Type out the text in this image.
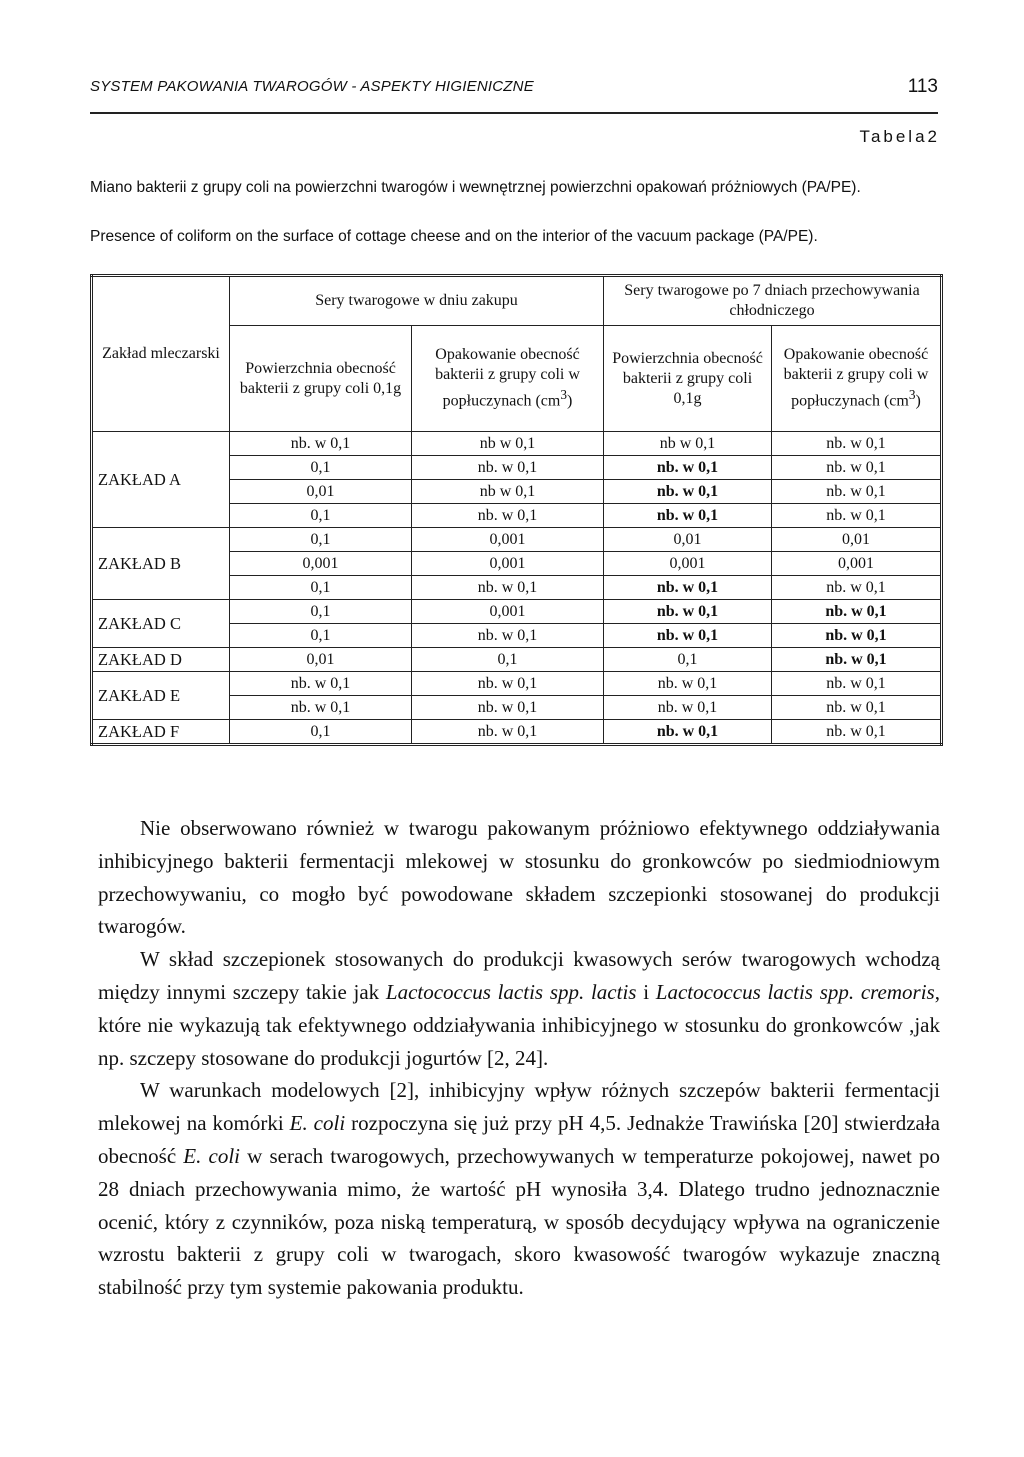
SYSTEM PAKOWANIA TWAROGÓW - ASPEKTY HIGIENICZNE	113
Tabela2
Miano bakterii z grupy coli na powierzchni twarogów i wewnętrznej powierzchni opakowań próżniowych (PA/PE).
Presence of coliform on the surface of cottage cheese and on the interior of the vacuum package (PA/PE).
Zakład mleczarski	Sery twarogowe w dniu zakupu		Sery twarogowe po 7 dniach przechowywania chłodniczego	
	Powierzchnia obecność bakterii z grupy coli 0,1g	Opakowanie obecność bakterii z grupy coli w popłuczynach $(cm^3)$	Powierzchnia obecność bakterii z grupy coli 0,1g	Opakowanie obecność bakterii z grupy coli w popłuczynach $(cm^3)$
ZAKŁAD A	nb. w 0,1	nb w 0,1	nb w 0,1	nb. w 0,1
	0,1	nb. w 0,1	nb. w 0,1	nb. w 0,1
	0,01	nb w 0,1	nb. w 0,1	nb. w 0,1
	0,1	nb. w 0,1	nb. w 0,1	nb. w 0,1
ZAKŁAD B	0,1	0,001	0,01	0,01
	0,001	0,001	0,001	0,001
	0,1	nb. w 0,1	nb. w 0,1	nb. w 0,1
ZAKŁAD C	0,1	0,001	nb. w 0,1	nb. w 0,1
	0,1	nb. w 0,1	nb. w 0,1	nb. w 0,1
ZAKŁAD D	0,01	0,1	0,1	nb. w 0,1
ZAKŁAD E	nb. w 0,1	nb. w 0,1	nb. w 0,1	nb. w 0,1
	nb. w 0,1	nb. w 0,1	nb. w 0,1	nb. w 0,1
ZAKŁAD F	0,1	nb. w 0,1	nb. w 0,1	nb. w 0,1

Nie obserwowano również w twarogu pakowanym próżniowo efektywnego oddziaływania inhibicyjnego bakterii fermentacji mlekowej w stosunku do gronkowców po siedmiodniowym przechowywaniu, co mogło być powodowane składem szczepionki stosowanej do produkcji twarogów.

W skład szczepionek stosowanych do produkcji kwasowych serów twarogowych wchodzą między innymi szczepy takie jak Lactococcus lactis spp. lactis i Lactococcus lactis spp. cremoris, które nie wykazują tak efektywnego oddziaływania inhibicyjnego w stosunku do gronkowców ,jak np. szczepy stosowane do produkcji jogurtów [2, 24].

W warunkach modelowych [2], inhibicyjny wpływ różnych szczepów bakterii fermentacji mlekowej na komórki E. coli rozpoczyna się już przy pH 4,5. Jednakże Trawińska [20] stwierdzała obecność E. coli w serach twarogowych, przechowywanych w temperaturze pokojowej, nawet po 28 dniach przechowywania mimo, że wartość pH wynosiła 3,4. Dlatego trudno jednoznacznie ocenić, który z czynników, poza niską temperaturą, w sposób decydujący wpływa na ograniczenie wzrostu bakterii z grupy coli w twarogach, skoro kwasowość twarogów wykazuje znaczną stabilność przy tym systemie pakowania produktu.
